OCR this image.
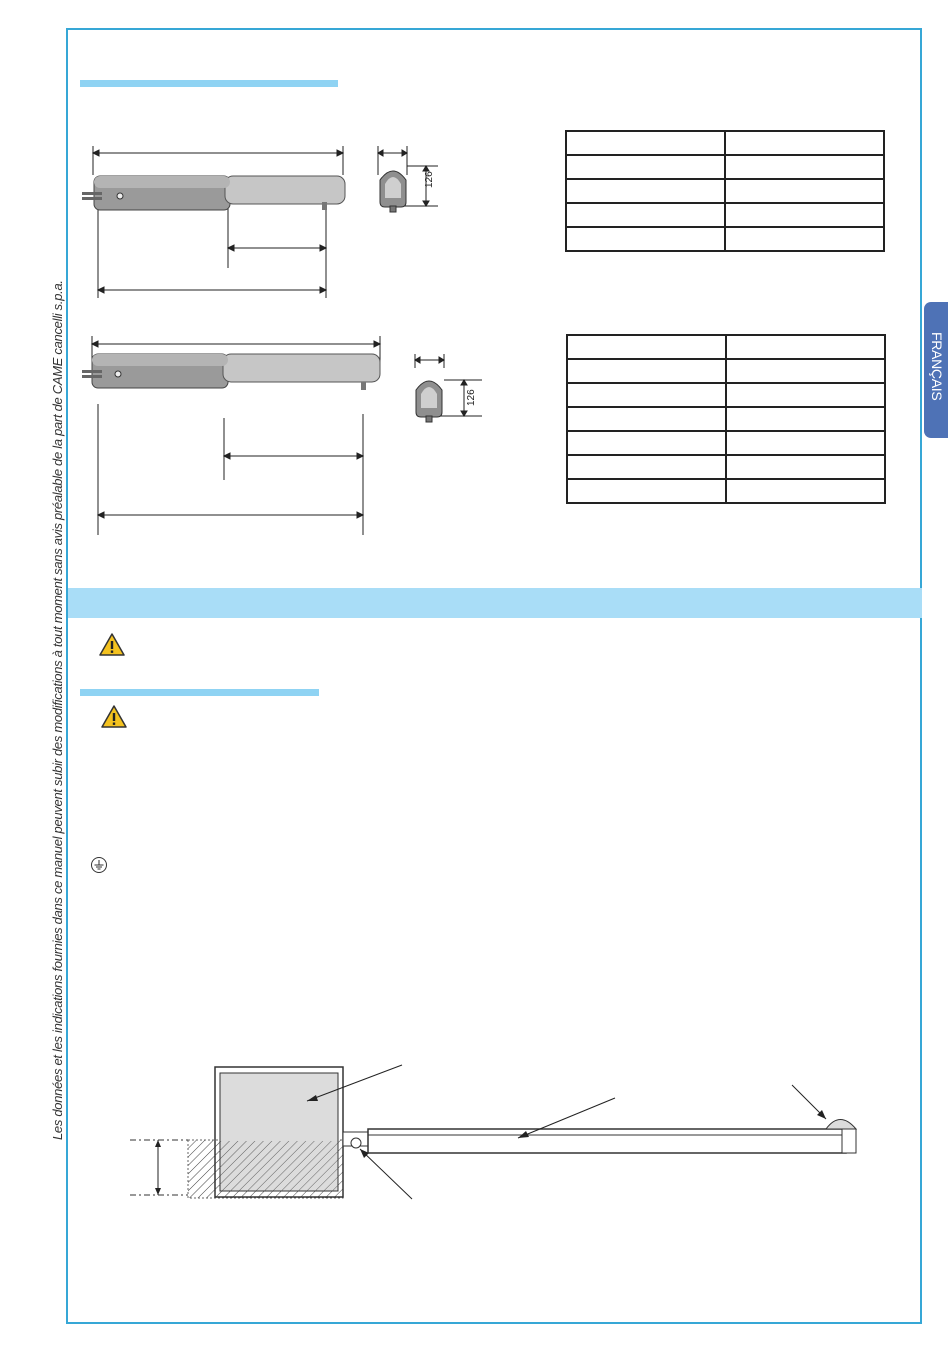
Les données et les indications fournies dans ce manuel peuvent subir des modifications à tout moment sans avis préalable de la part de CAME cancelli s.p.a.	FRANÇAIS
126
126
